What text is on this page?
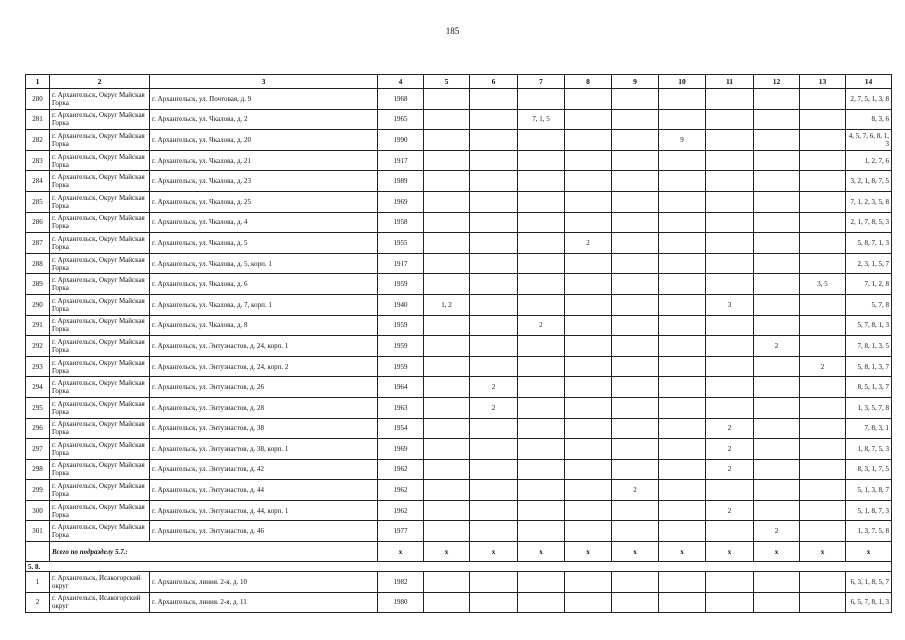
185
1	2	3	4	5	6	7	8	9	10	11	12	13	14
280	г. Архангельск, Округ Майская Горка	г. Архангельск, ул. Почтовая, д. 9	1968										2, 7, 5, 1, 3, 8
281	г. Архангельск, Округ Майская Горка	г. Архангельск, ул. Чкалова, д. 2	1965			7, 1, 5							8, 3, 6
282	г. Архангельск, Округ Майская Горка	г. Архангельск, ул. Чкалова, д. 20	1990						9				4, 5, 7, 6, 8, 1, 3
283	г. Архангельск, Округ Майская Горка	г. Архангельск, ул. Чкалова, д. 21	1917										1, 2, 7, 6
284	г. Архангельск, Округ Майская Горка	г. Архангельск, ул. Чкалова, д. 23	1989										3, 2, 1, 8, 7, 5
285	г. Архангельск, Округ Майская Горка	г. Архангельск, ул. Чкалова, д. 25	1969										7, 1, 2, 3, 5, 8
286	г. Архангельск, Округ Майская Горка	г. Архангельск, ул. Чкалова, д. 4	1958										2, 1, 7, 8, 5, 3
287	г. Архангельск, Округ Майская Горка	г. Архангельск, ул. Чкалова, д. 5	1955				2						5, 8, 7, 1, 3
288	г. Архангельск, Округ Майская Горка	г. Архангельск, ул. Чкалова, д. 5, корп. 1	1917										2, 3, 1, 5, 7
289	г. Архангельск, Округ Майская Горка	г. Архангельск, ул. Чкалова, д. 6	1959									3, 5	7, 1, 2, 8
290	г. Архангельск, Округ Майская Горка	г. Архангельск, ул. Чкалова, д. 7, корп. 1	1940	1, 2						3			5, 7, 8
291	г. Архангельск, Округ Майская Горка	г. Архангельск, ул. Чкалова, д. 8	1959			2							5, 7, 8, 1, 3
292	г. Архангельск, Округ Майская Горка	г. Архангельск, ул. Энтузиастов, д. 24, корп. 1	1959								2		7, 8, 1, 3, 5
293	г. Архангельск, Округ Майская Горка	г. Архангельск, ул. Энтузиастов, д. 24, корп. 2	1959									2	5, 8, 1, 3, 7
294	г. Архангельск, Округ Майская Горка	г. Архангельск, ул. Энтузиастов, д. 26	1964		2								8, 5, 1, 3, 7
295	г. Архангельск, Округ Майская Горка	г. Архангельск, ул. Энтузиастов, д. 28	1963		2								1, 3, 5, 7, 8
296	г. Архангельск, Округ Майская Горка	г. Архангельск, ул. Энтузиастов, д. 38	1954							2			7, 8, 3, 1
297	г. Архангельск, Округ Майская Горка	г. Архангельск, ул. Энтузиастов, д. 38, корп. 1	1969							2			1, 8, 7, 5, 3
298	г. Архангельск, Округ Майская Горка	г. Архангельск, ул. Энтузиастов, д. 42	1962							2			8, 3, 1, 7, 5
299	г. Архангельск, Округ Майская Горка	г. Архангельск, ул. Энтузиастов, д. 44	1962					2					5, 1, 3, 8, 7
300	г. Архангельск, Округ Майская Горка	г. Архангельск, ул. Энтузиастов, д. 44, корп. 1	1962							2			5, 1, 8, 7, 3
301	г. Архангельск, Округ Майская Горка	г. Архангельск, ул. Энтузиастов, д. 46	1977								2		1, 3, 7, 5, 8
	Всего по подразделу 5.7.:		x	x	x	x	x	x	x	x	x	x	x
5. 8.													
1	г. Архангельск, Исакогорский округ	г. Архангельск, линия. 2-я, д. 10	1982										6, 3, 1, 8, 5, 7
2	г. Архангельск, Исакогорский округ	г. Архангельск, линия. 2-я, д. 11	1980										6, 5, 7, 8, 1, 3
